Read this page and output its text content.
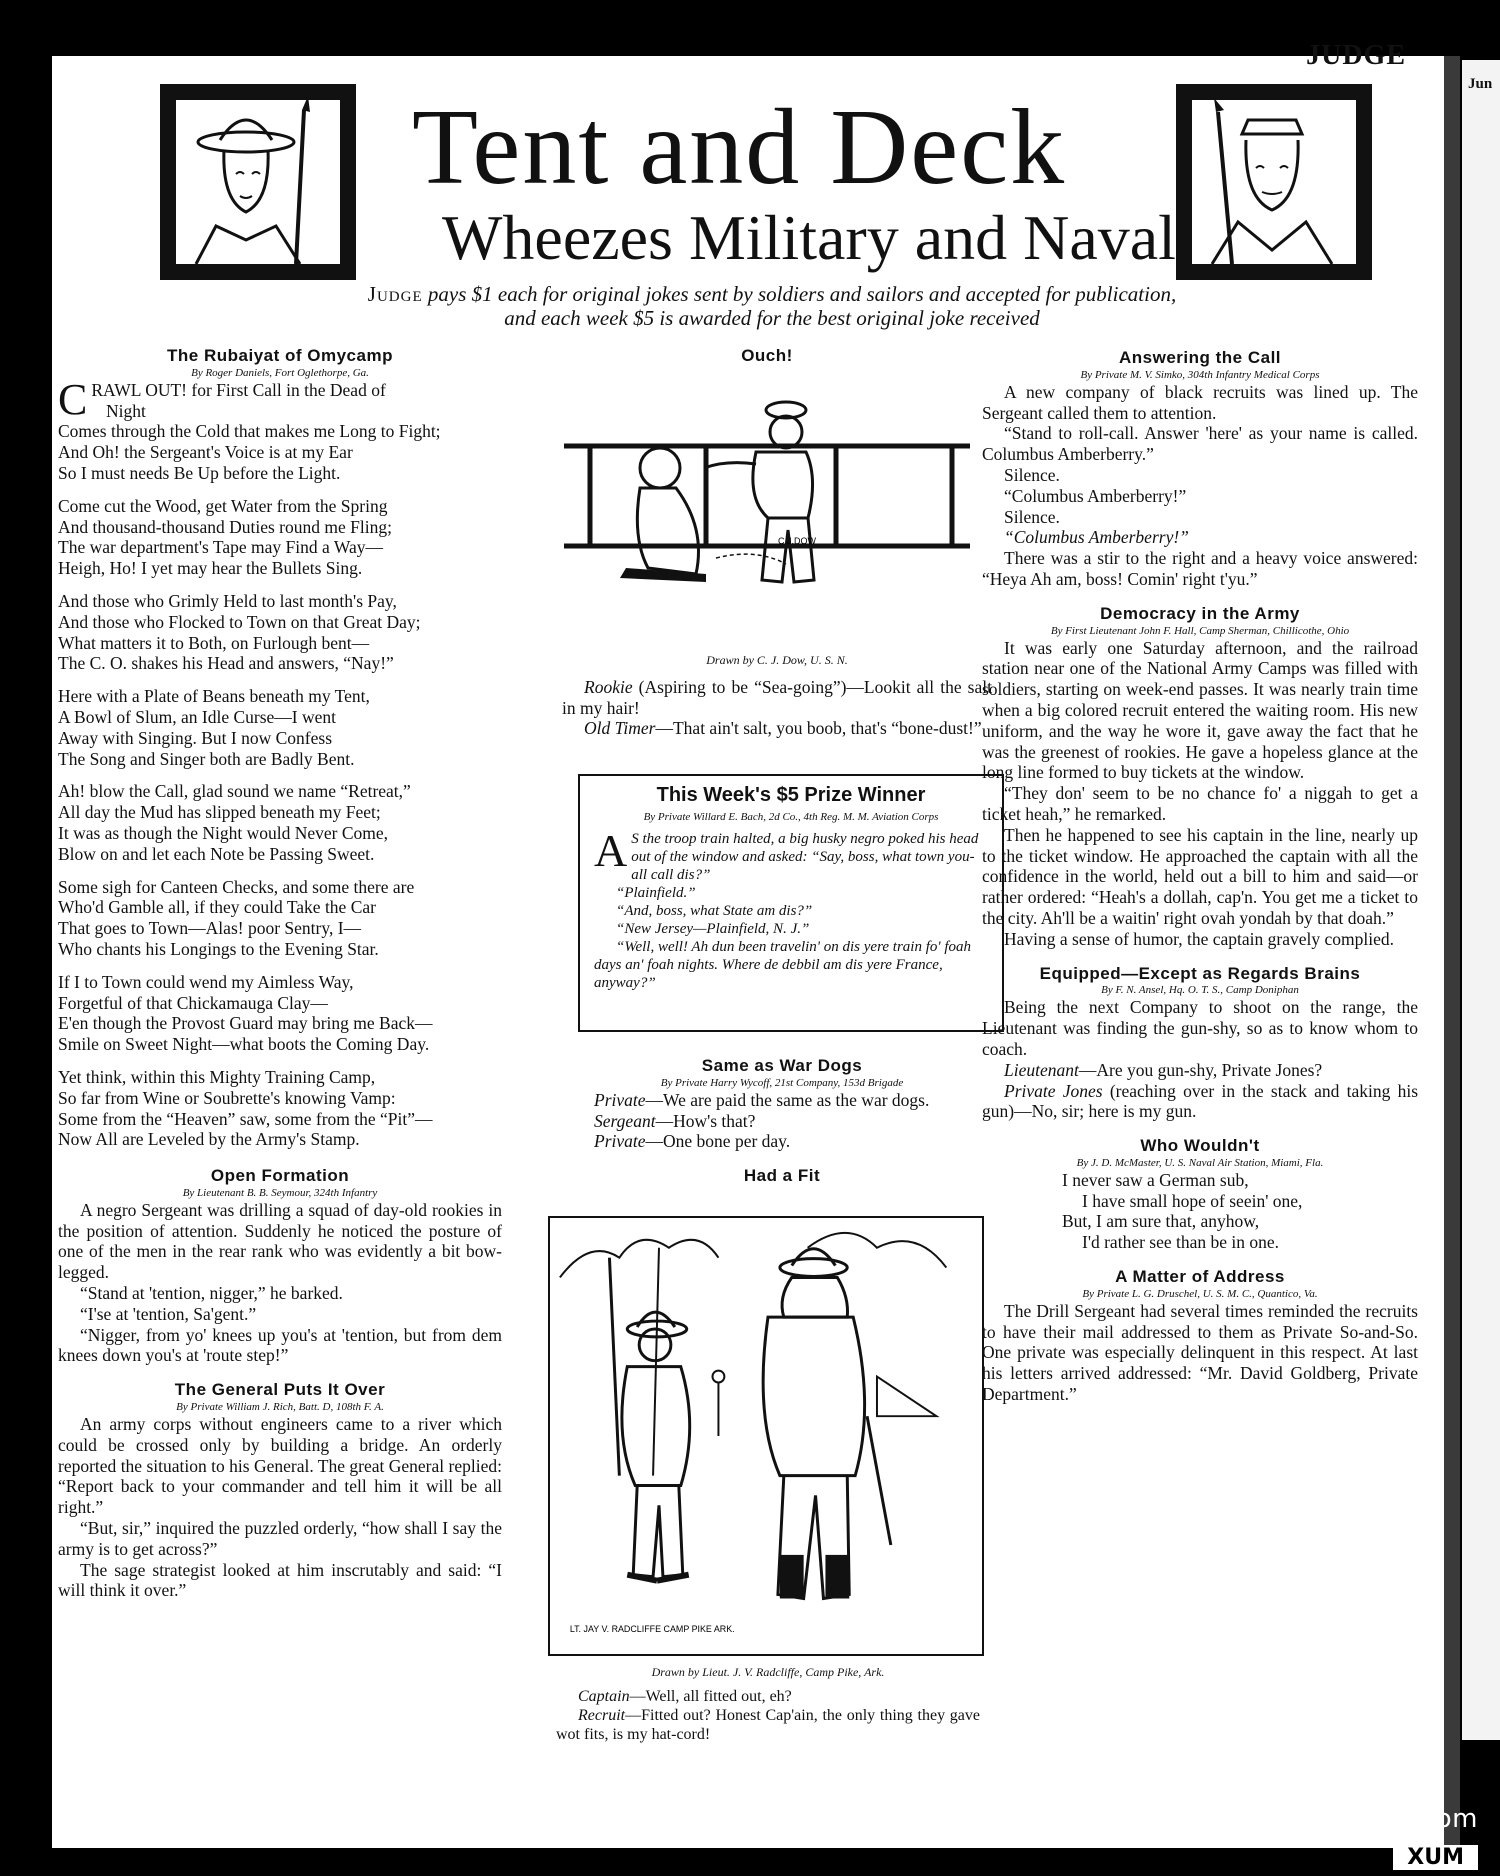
Jun
JUDGE
Tent and Deck
Wheezes Military and Naval
Judge pays $1 each for original jokes sent by soldiers and sailors and accepted for publication, and each week $5 is awarded for the best original joke received

The Rubaiyat of Omycamp

By Roger Daniels, Fort Oglethorpe, Ga.

C RAWL OUT! for First Call in the Dead of

Night

Comes through the Cold that makes me Long to Fight;

And Oh! the Sergeant's Voice is at my Ear

So I must needs Be Up before the Light.

Come cut the Wood, get Water from the Spring

And thousand-thousand Duties round me Fling;

The war department's Tape may Find a Way—

Heigh, Ho! I yet may hear the Bullets Sing.

And those who Grimly Held to last month's Pay,

And those who Flocked to Town on that Great Day;

What matters it to Both, on Furlough bent—

The C. O. shakes his Head and answers, “Nay!”

Here with a Plate of Beans beneath my Tent,

A Bowl of Slum, an Idle Curse—I went

Away with Singing. But I now Confess

The Song and Singer both are Badly Bent.

Ah! blow the Call, glad sound we name “Retreat,”

All day the Mud has slipped beneath my Feet;

It was as though the Night would Never Come,

Blow on and let each Note be Passing Sweet.

Some sigh for Canteen Checks, and some there are

Who'd Gamble all, if they could Take the Car

That goes to Town—Alas! poor Sentry, I—

Who chants his Longings to the Evening Star.

If I to Town could wend my Aimless Way,

Forgetful of that Chickamauga Clay—

E'en though the Provost Guard may bring me Back—

Smile on Sweet Night—what boots the Coming Day.

Yet think, within this Mighty Training Camp,

So far from Wine or Soubrette's knowing Vamp:

Some from the “Heaven” saw, some from the “Pit”—

Now All are Leveled by the Army's Stamp.

Open Formation

By Lieutenant B. B. Seymour, 324th Infantry

A negro Sergeant was drilling a squad of day-old rookies in the position of attention. Suddenly he noticed the posture of one of the men in the rear rank who was evidently a bit bow-legged.

“Stand at 'tention, nigger,” he barked.

“I'se at 'tention, Sa'gent.”

“Nigger, from yo' knees up you's at 'tention, but from dem knees down you's at 'route step!”

The General Puts It Over

By Private William J. Rich, Batt. D, 108th F. A.

An army corps without engineers came to a river which could be crossed only by building a bridge. An orderly reported the situation to his General. The great General replied: “Report back to your commander and tell him it will be all right.”

“But, sir,” inquired the puzzled orderly, “how shall I say the army is to get across?”

The sage strategist looked at him inscrutably and said: “I will think it over.”

Ouch!

C.J.DOW

Drawn by C. J. Dow, U. S. N.

Rookie (Aspiring to be “Sea-going”)—Lookit all the salt in my hair!

Old Timer—That ain't salt, you boob, that's “bone-dust!”

This Week's $5 Prize Winner

By Private Willard E. Bach, 2d Co., 4th Reg. M. M. Aviation Corps

A S the troop train halted, a big husky negro poked his head out of the window and asked: “Say, boss, what town you-all call dis?”

“Plainfield.”

“And, boss, what State am dis?”

“New Jersey—Plainfield, N. J.”

“Well, well! Ah dun been travelin' on dis yere train fo' foah days an' foah nights. Where de debbil am dis yere France, anyway?”

Same as War Dogs

By Private Harry Wycoff, 21st Company, 153d Brigade

Private—We are paid the same as the war dogs.

Sergeant—How's that?

Private—One bone per day.

Had a Fit

LT. JAY V. RADCLIFFE CAMP PIKE ARK.

Drawn by Lieut. J. V. Radcliffe, Camp Pike, Ark.

Captain—Well, all fitted out, eh?

Recruit—Fitted out? Honest Cap'ain, the only thing they gave wot fits, is my hat-cord!

Answering the Call

By Private M. V. Simko, 304th Infantry Medical Corps

A new company of black recruits was lined up. The Sergeant called them to attention.

“Stand to roll-call. Answer 'here' as your name is called. Columbus Amberberry.”

Silence.

“Columbus Amberberry!”

Silence.

“Columbus Amberberry!”

There was a stir to the right and a heavy voice answered: “Heya Ah am, boss! Comin' right t'yu.”

Democracy in the Army

By First Lieutenant John F. Hall, Camp Sherman, Chillicothe, Ohio

It was early one Saturday afternoon, and the railroad station near one of the National Army Camps was filled with soldiers, starting on week-end passes. It was nearly train time when a big colored recruit entered the waiting room. His new uniform, and the way he wore it, gave away the fact that he was the greenest of rookies. He gave a hopeless glance at the long line formed to buy tickets at the window.

“They don' seem to be no chance fo' a niggah to get a ticket heah,” he remarked.

Then he happened to see his captain in the line, nearly up to the ticket window. He approached the captain with all the confidence in the world, held out a bill to him and said—or rather ordered: “Heah's a dollah, cap'n. You get me a ticket to the city. Ah'll be a waitin' right ovah yondah by that doah.”

Having a sense of humor, the captain gravely complied.

Equipped—Except as Regards Brains

By F. N. Ansel, Hq. O. T. S., Camp Doniphan

Being the next Company to shoot on the range, the Lieutenant was finding the gun-shy, so as to know whom to coach.

Lieutenant—Are you gun-shy, Private Jones?

Private Jones (reaching over in the stack and taking his gun)—No, sir; here is my gun.

Who Wouldn't

By J. D. McMaster, U. S. Naval Air Station, Miami, Fla.

I never saw a German sub,

I have small hope of seein' one,

But, I am sure that, anyhow,

I'd rather see than be in one.

A Matter of Address

By Private L. G. Druschel, U. S. M. C., Quantico, Va.

The Drill Sergeant had several times reminded the recruits to have their mail addressed to them as Private So-and-So. One private was especially delinquent in this respect. At last his letters arrived addressed: “Mr. David Goldberg, Private Department.”

comicbooks.com
XUM
